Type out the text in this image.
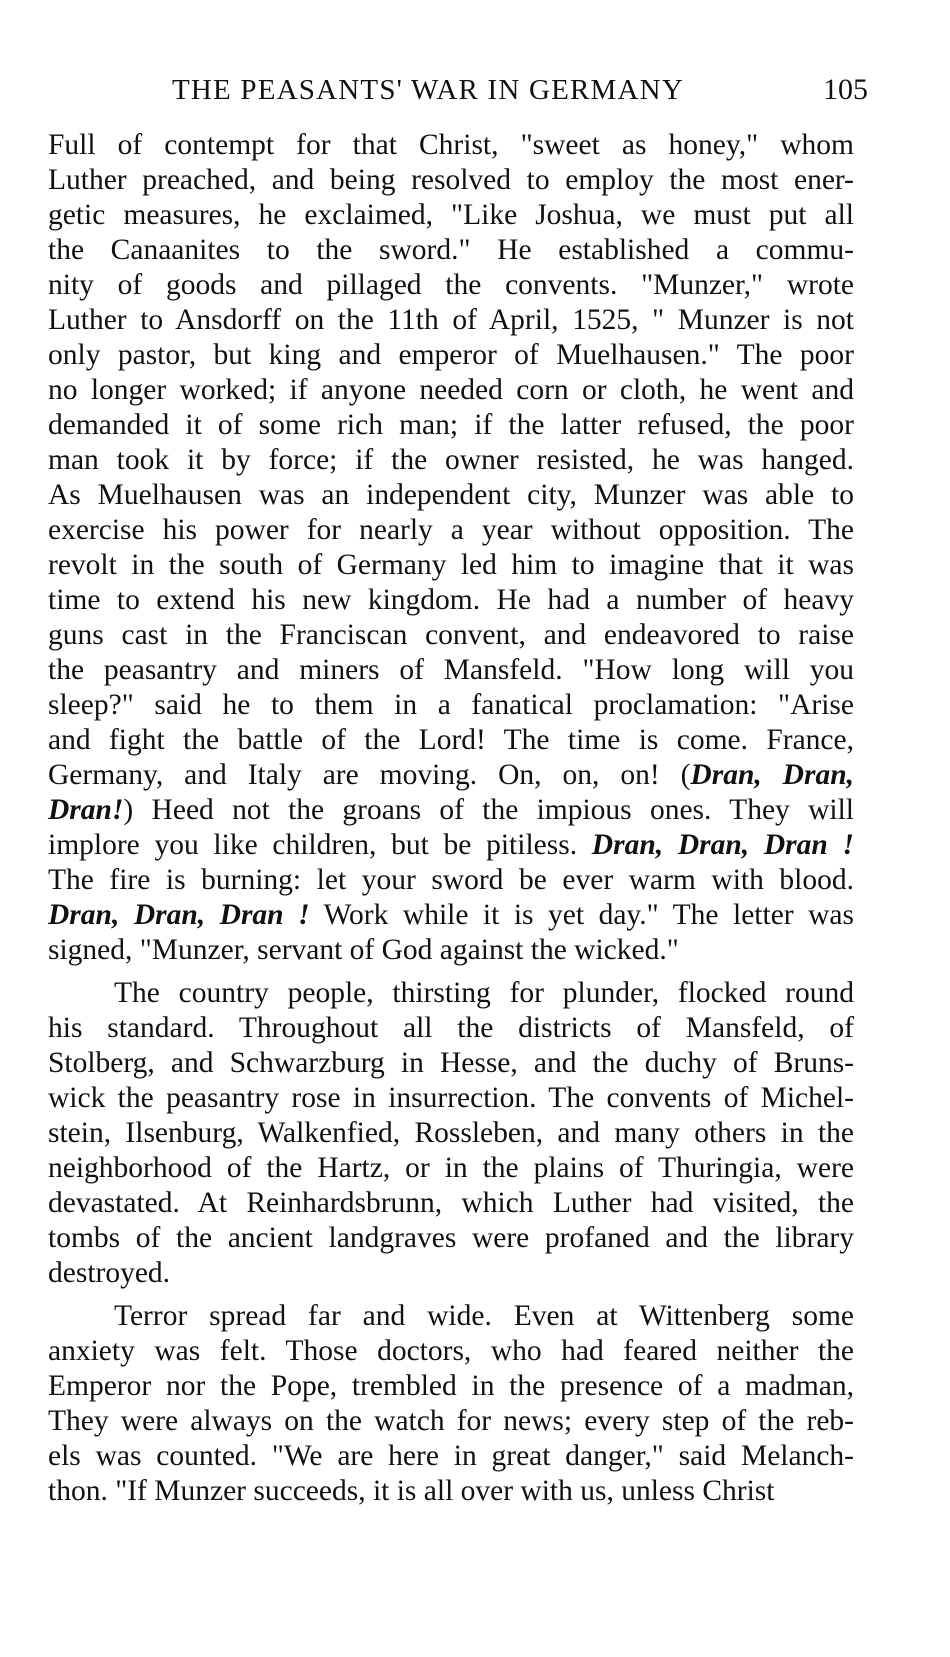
THE PEASANTS' WAR IN GERMANY	105
Full of contempt for that Christ, "sweet as honey," whom
Luther preached, and being resolved to employ the most ener-
getic measures, he exclaimed, "Like Joshua, we must put all
the Canaanites to the sword." He established a commu-
nity of goods and pillaged the convents. "Munzer," wrote
Luther to Ansdorff on the 11th of April, 1525, " Munzer is not
only pastor, but king and emperor of Muelhausen." The poor
no longer worked; if anyone needed corn or cloth, he went and
demanded it of some rich man; if the latter refused, the poor
man took it by force; if the owner resisted, he was hanged.
As Muelhausen was an independent city, Munzer was able to
exercise his power for nearly a year without opposition. The
revolt in the south of Germany led him to imagine that it was
time to extend his new kingdom. He had a number of heavy
guns cast in the Franciscan convent, and endeavored to raise
the peasantry and miners of Mansfeld. "How long will you
sleep?" said he to them in a fanatical proclamation: "Arise
and fight the battle of the Lord! The time is come. France,
Germany, and Italy are moving. On, on, on! (Dran, Dran,
Dran!) Heed not the groans of the impious ones. They will
implore you like children, but be pitiless. Dran, Dran, Dran !
The fire is burning: let your sword be ever warm with blood.
Dran, Dran, Dran ! Work while it is yet day." The letter was
signed, "Munzer, servant of God against the wicked."
The country people, thirsting for plunder, flocked round
his standard. Throughout all the districts of Mansfeld, of
Stolberg, and Schwarzburg in Hesse, and the duchy of Bruns-
wick the peasantry rose in insurrection. The convents of Michel-
stein, Ilsenburg, Walkenfied, Rossleben, and many others in the
neighborhood of the Hartz, or in the plains of Thuringia, were
devastated. At Reinhardsbrunn, which Luther had visited, the
tombs of the ancient landgraves were profaned and the library
destroyed.
Terror spread far and wide. Even at Wittenberg some
anxiety was felt. Those doctors, who had feared neither the
Emperor nor the Pope, trembled in the presence of a madman,
They were always on the watch for news; every step of the reb-
els was counted. "We are here in great danger," said Melanch-
thon. "If Munzer succeeds, it is all over with us, unless Christ
